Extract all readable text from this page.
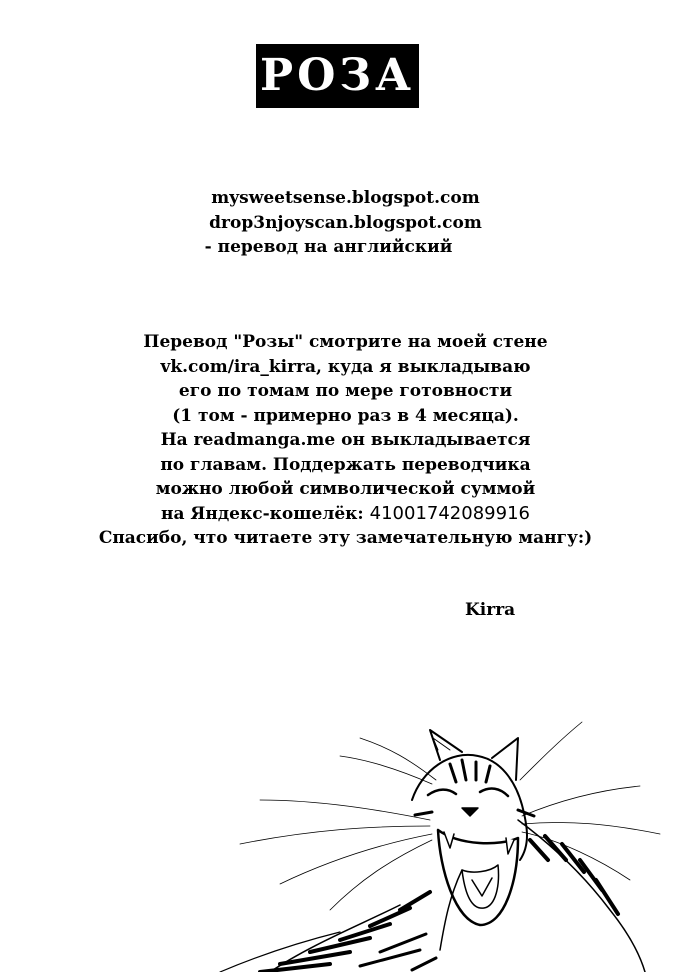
РОЗА
mysweetsense.blogspot.com
drop3njoyscan.blogspot.com
- перевод на английский
Перевод "Розы" смотрите на моей стене
vk.com/ira_kirra, куда я выкладываю
его по томам по мере готовности
(1 том - примерно раз в 4 месяца).
На readmanga.me он выкладывается
по главам. Поддержать переводчика
можно любой символической суммой
на Яндекс-кошелёк: 41001742089916
Спасибо, что читаете эту замечательную мангу:)
Kirra
